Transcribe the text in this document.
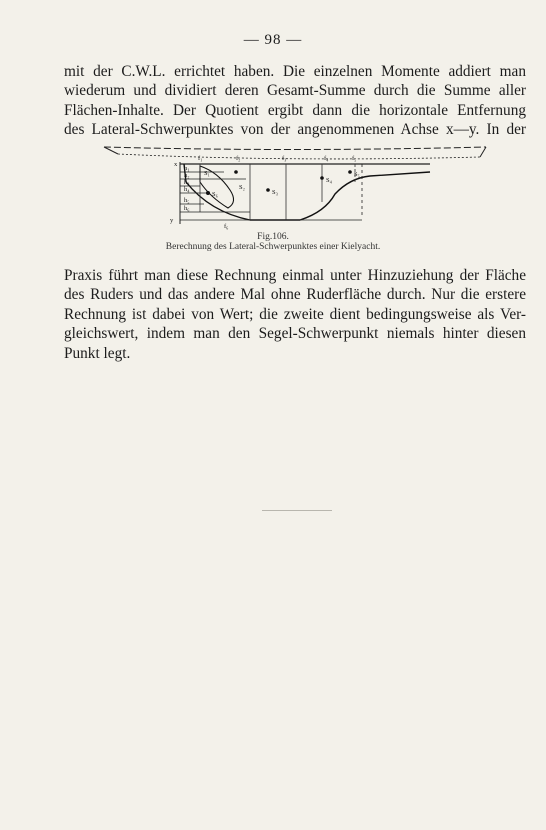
— 98 —
mit der C.W.L. errichtet haben. Die einzelnen Momente addiert man
wiederum und dividiert deren Gesamt-Summe durch die Summe aller
Flächen-Inhalte. Der Quotient ergibt dann die horizontale Entfernung
des Lateral-Schwerpunktes von der angenommenen Achse x—y. In der
x
y
f₁	f₂	f₃	f₄	f₅
f₆
S₁
S₂
S₃
S₄
S₅
S₆
h₁
h₂
h₃
h₄
h₅
h₆
Fig.106.
Berechnung des Lateral-Schwerpunktes einer Kielyacht.
Praxis führt man diese Rechnung einmal unter Hinzuziehung der Fläche
des Ruders und das andere Mal ohne Ruderfläche durch. Nur die erstere
Rechnung ist dabei von Wert; die zweite dient bedingungsweise als Ver-
gleichswert, indem man den Segel-Schwerpunkt niemals hinter diesen
Punkt legt.
